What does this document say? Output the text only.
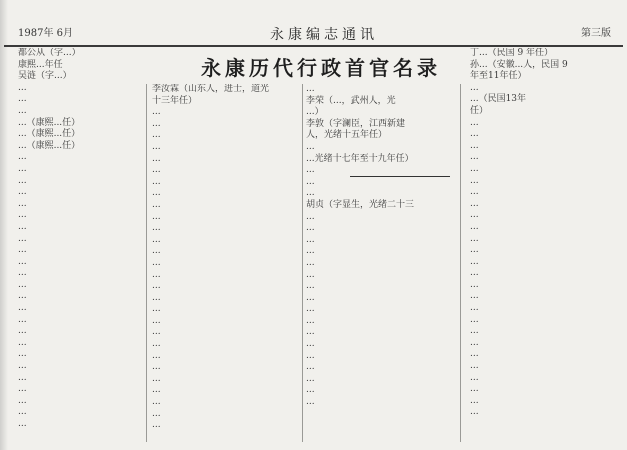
1987年 6月	永康编志通讯	第三版
永康历代行政首官名录
都公从（字...）
康熙...年任
吴涟（字...）
...
...
...
...（康熙...任）
...（康熙...任）
...（康熙...任）
...
...
...
...
...
...
...
...
...
...
...
...
...
...
...
...
...
...
...
...
...
...
...
...
李汝霖（山东人，进士，道光
十三年任）
...
...
...
...
...
...
...
...
...
...
...
...
...
...
...
...
...
...
...
...
...
...
...
...
...
...
...
...
...
李荣（...，武州人，光
...）
李敦（字澜臣，江西新建
人，光绪十五年任）
...
...光绪十七年至十九年任）
...
...
...
胡贞（字显生，光绪二十三
...
...
...
...
...
...
...
...
...
...
...
...
...
...
...
...
...
丁...（民国 9 年任）
孙...（安徽...人，民国 9
年至11年任）
...
...（民国13年
任）
...
...
...
...
...
...
...
...
...
...
...
...
...
...
...
...
...
...
...
...
...
...
...
...
...
...
